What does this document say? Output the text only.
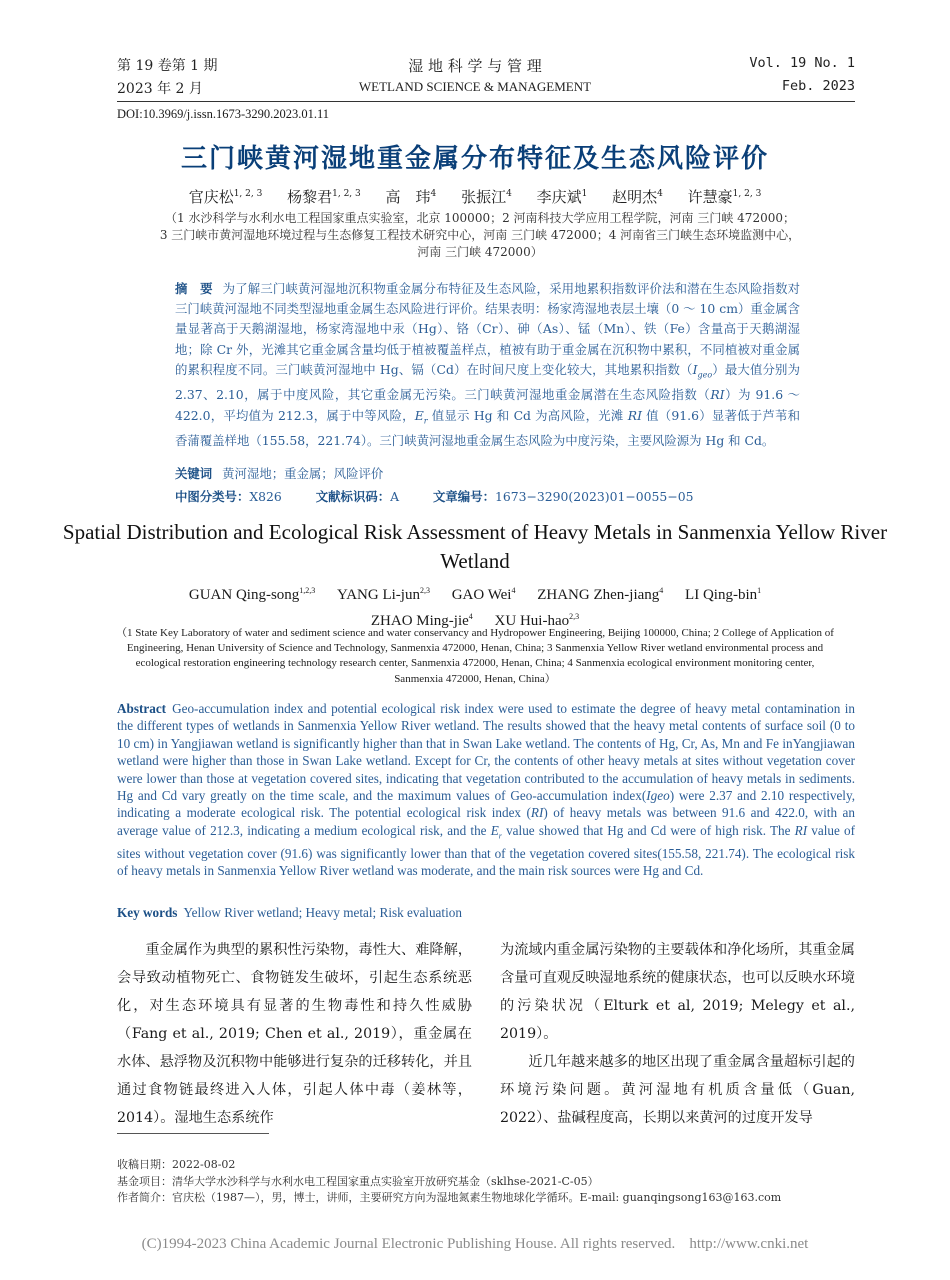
第 19 卷第 1 期
2023 年 2 月
湿 地 科 学 与 管 理
WETLAND SCIENCE & MANAGEMENT
Vol. 19 No. 1
Feb. 2023
DOI:10.3969/j.issn.1673-3290.2023.01.11
三门峡黄河湿地重金属分布特征及生态风险评价
官庆松$^{1, 2, 3}$ 杨黎君$^{1, 2, 3}$ 高　玮$^4$ 张振江$^4$ 李庆斌$^1$ 赵明杰$^4$ 许慧豪$^{1, 2, 3}$
（1 水沙科学与水利水电工程国家重点实验室，北京 100000；2 河南科技大学应用工程学院，河南 三门峡 472000；
3 三门峡市黄河湿地环境过程与生态修复工程技术研究中心，河南 三门峡 472000；4 河南省三门峡生态环境监测中心，
河南 三门峡 472000）
摘　要 为了解三门峡黄河湿地沉积物重金属分布特征及生态风险，采用地累积指数评价法和潜在生态风险指数对三门峡黄河湿地不同类型湿地重金属生态风险进行评价。结果表明：杨家湾湿地表层土壤（0 ～ 10 cm）重金属含量显著高于天鹅湖湿地，杨家湾湿地中汞（Hg）、铬（Cr）、砷（As）、锰（Mn）、铁（Fe）含量高于天鹅湖湿地；除 Cr 外，光滩其它重金属含量均低于植被覆盖样点，植被有助于重金属在沉积物中累积，不同植被对重金属的累积程度不同。三门峡黄河湿地中 Hg、镉（Cd）在时间尺度上变化较大，其地累积指数$(I_{geo})$最大值分别为 2.37、2.10，属于中度风险，其它重金属无污染。三门峡黄河湿地重金属潜在生态风险指数（RI）为 91.6 ～ 422.0，平均值为 212.3，属于中等风险，$E_r$ 值显示 Hg 和 Cd 为高风险，光滩 RI 值（91.6）显著低于芦苇和香蒲覆盖样地（155.58，221.74）。三门峡黄河湿地重金属生态风险为中度污染，主要风险源为 Hg 和 Cd。
关键词 黄河湿地；重金属；风险评价
中图分类号：X826	文献标识码：A	文章编号：1673−3290(2023)01−0055−05
Spatial Distribution and Ecological Risk Assessment of Heavy Metals in Sanmenxia Yellow River Wetland
GUAN Qing-song$^{1,2,3}$ YANG Li-jun$^{2,3}$ GAO Wei$^4$ ZHANG Zhen-jiang$^4$ LI Qing-bin$^1$
ZHAO Ming-jie$^4$ XU Hui-hao$^{2,3}$
（1 State Key Laboratory of water and sediment science and water conservancy and Hydropower Engineering, Beijing 100000, China; 2 College of Application of Engineering, Henan University of Science and Technology, Sanmenxia 472000, Henan, China; 3 Sanmenxia Yellow River wetland environmental process and ecological restoration engineering technology research center, Sanmenxia 472000, Henan, China; 4 Sanmenxia ecological environment monitoring center, Sanmenxia 472000, Henan, China）
Abstract Geo-accumulation index and potential ecological risk index were used to estimate the degree of heavy metal contamination in the different types of wetlands in Sanmenxia Yellow River wetland. The results showed that the heavy metal contents of surface soil (0 to 10 cm) in Yangjiawan wetland is significantly higher than that in Swan Lake wetland. The contents of Hg, Cr, As, Mn and Fe inYangjiawan wetland were higher than those in Swan Lake wetland. Except for Cr, the contents of other heavy metals at sites without vegetation cover were lower than those at vegetation covered sites, indicating that vegetation contributed to the accumulation of heavy metals in sediments. Hg and Cd vary greatly on the time scale, and the maximum values of Geo-accumulation index(Igeo) were 2.37 and 2.10 respectively, indicating a moderate ecological risk. The potential ecological risk index (RI) of heavy metals was between 91.6 and 422.0, with an average value of 212.3, indicating a medium ecological risk, and the $E_r$ value showed that Hg and Cd were of high risk. The RI value of sites without vegetation cover (91.6) was significantly lower than that of the vegetation covered sites(155.58, 221.74). The ecological risk of heavy metals in Sanmenxia Yellow River wetland was moderate, and the main risk sources were Hg and Cd.
Key words Yellow River wetland; Heavy metal; Risk evaluation

重金属作为典型的累积性污染物，毒性大、难降解，会导致动植物死亡、食物链发生破坏，引起生态系统恶化，对生态环境具有显著的生物毒性和持久性威胁（Fang et al., 2019; Chen et al., 2019），重金属在水体、悬浮物及沉积物中能够进行复杂的迁移转化，并且通过食物链最终进入人体，引起人体中毒（姜林等，2014）。湿地生态系统作

为流域内重金属污染物的主要载体和净化场所，其重金属含量可直观反映湿地系统的健康状态，也可以反映水环境的污染状况（Elturk et al, 2019; Melegy et al., 2019）。

近几年越来越多的地区出现了重金属含量超标引起的环境污染问题。黄河湿地有机质含量低（Guan, 2022）、盐碱程度高，长期以来黄河的过度开发导

收稿日期：2022-08-02
基金项目：清华大学水沙科学与水利水电工程国家重点实验室开放研究基金（sklhse-2021-C-05）
作者简介：官庆松（1987—），男，博士，讲师，主要研究方向为湿地氮素生物地球化学循环。E-mail: guanqingsong163@163.com
(C)1994-2023 China Academic Journal Electronic Publishing House. All rights reserved. http://www.cnki.net
